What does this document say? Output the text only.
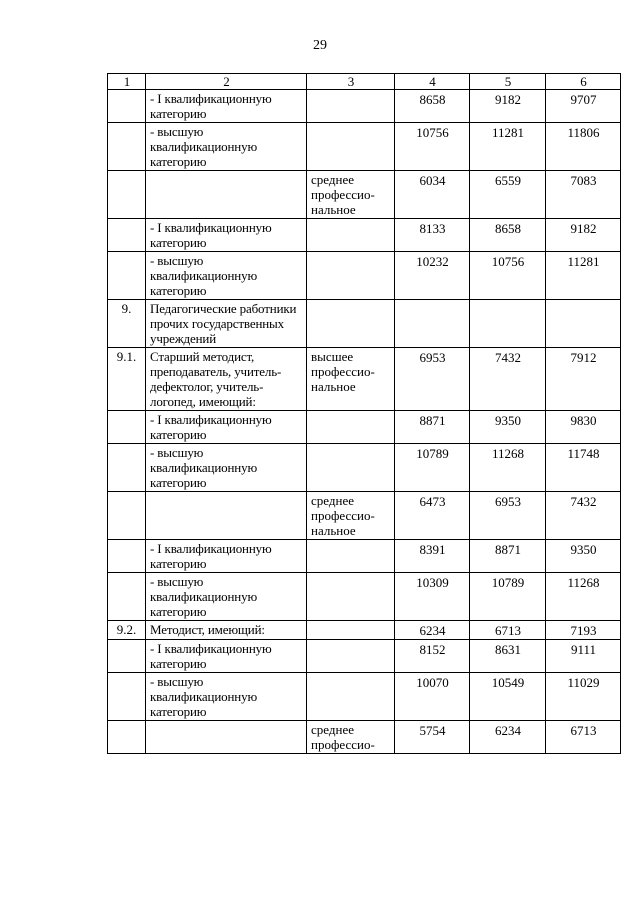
29
1	2	3	4	5	6
	- I квалификационную категорию		8658	9182	9707
	- высшую квалификационную категорию		10756	11281	11806
		среднее профессио-нальное	6034	6559	7083
	- I квалификационную категорию		8133	8658	9182
	- высшую квалификационную категорию		10232	10756	11281
9.	Педагогические работники прочих государственных учреждений				
9.1.	Старший методист, преподаватель, учитель-дефектолог, учитель-логопед, имеющий:	высшее профессио-нальное	6953	7432	7912
	- I квалификационную категорию		8871	9350	9830
	- высшую квалификационную категорию		10789	11268	11748
		среднее профессио-нальное	6473	6953	7432
	- I квалификационную категорию		8391	8871	9350
	- высшую квалификационную категорию		10309	10789	11268
9.2.	Методист, имеющий:		6234	6713	7193
	- I квалификационную категорию		8152	8631	9111
	- высшую квалификационную категорию		10070	10549	11029
		среднее профессио-	5754	6234	6713
